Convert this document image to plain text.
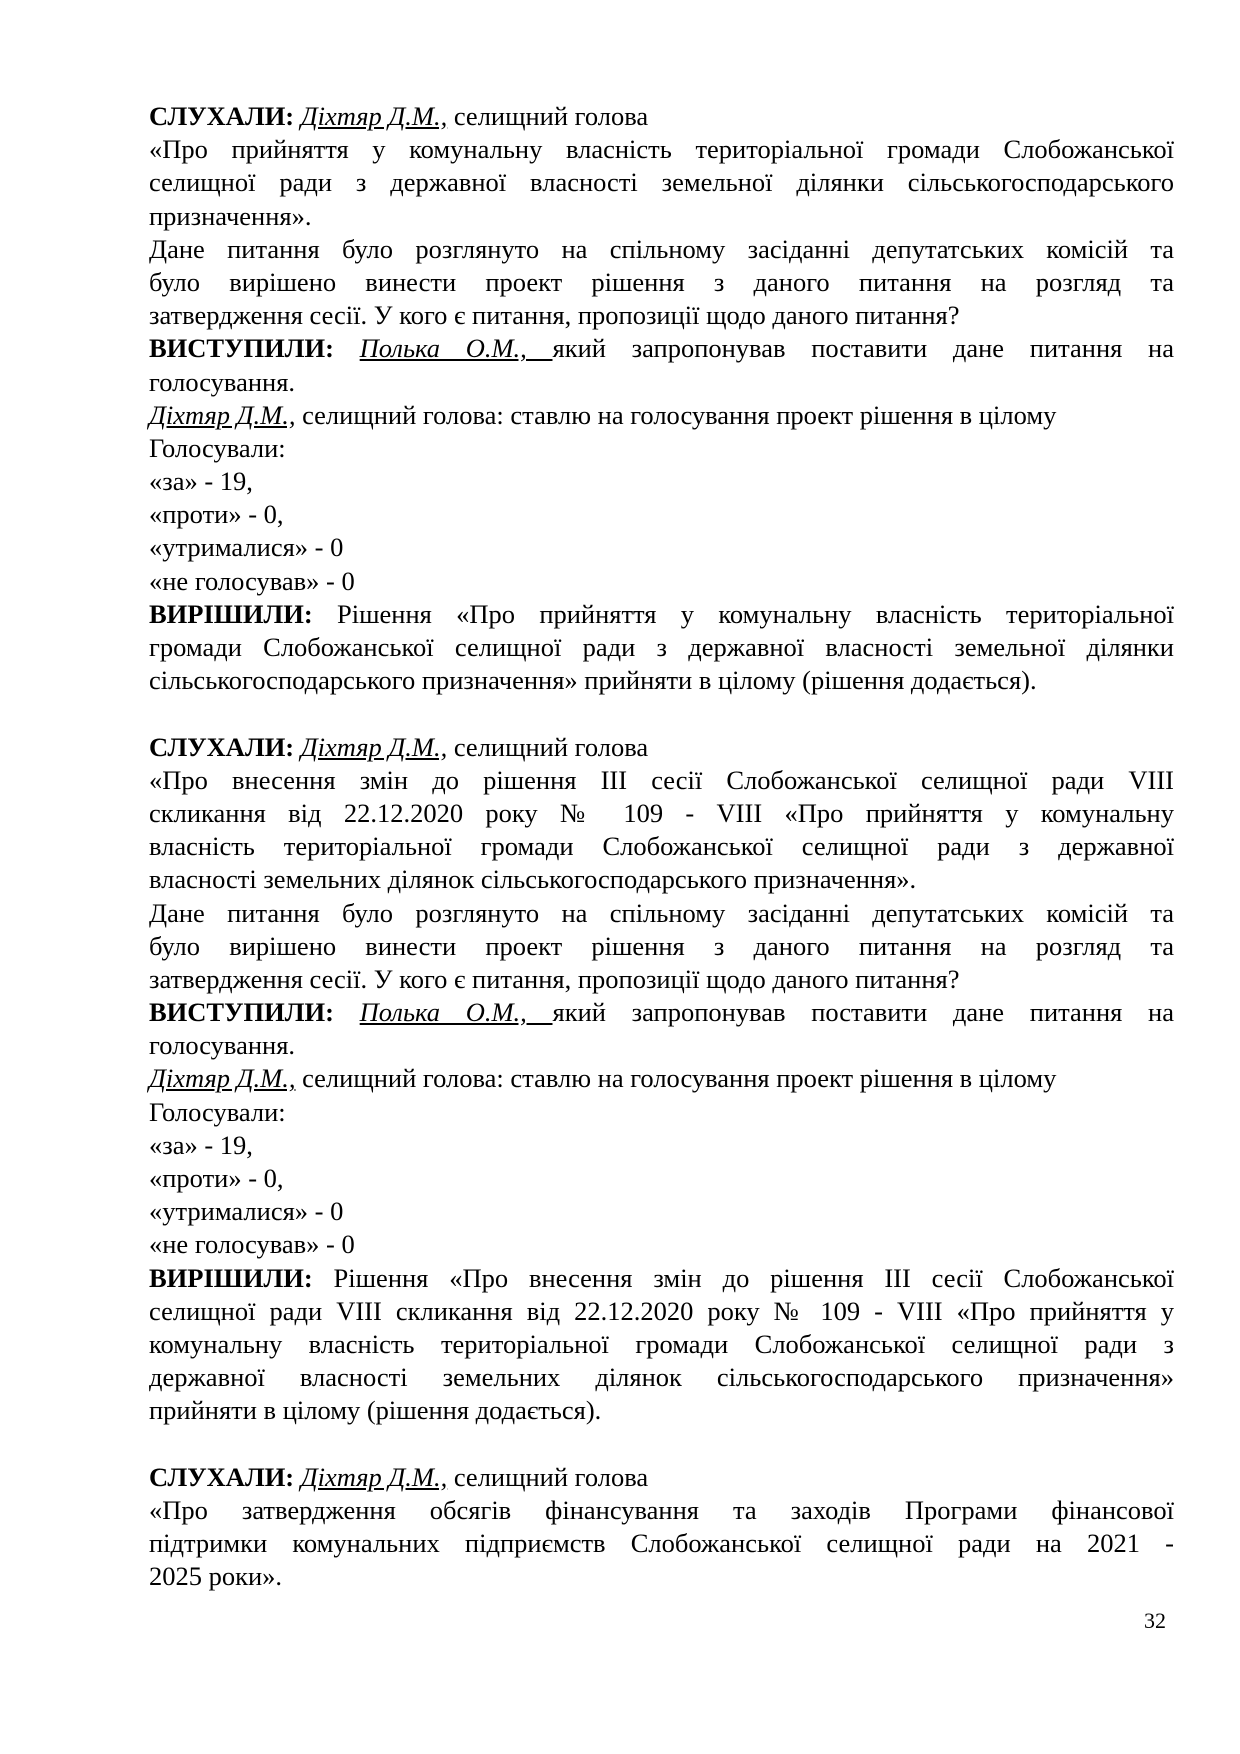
СЛУХАЛИ: Діхтяр Д.М., селищний голова
«Про прийняття у комунальну власність територіальної громади Слобожанської
селищної ради з державної власності земельної ділянки сільськогосподарського
призначення».
Дане питання було розглянуто на спільному засіданні депутатських комісій та
було вирішено винести проект рішення з даного питання на розгляд та
затвердження сесії. У кого є питання, пропозиції щодо даного питання?
ВИСТУПИЛИ: Полька О.М., який запропонував поставити дане питання на
голосування.
Діхтяр Д.М., селищний голова: ставлю на голосування проект рішення в цілому
Голосували:
«за» - 19,
«проти» - 0,
«утрималися» - 0
«не голосував» - 0
ВИРІШИЛИ: Рішення «Про прийняття у комунальну власність територіальної
громади Слобожанської селищної ради з державної власності земельної ділянки
сільськогосподарського призначення» прийняти в цілому (рішення додається).
СЛУХАЛИ: Діхтяр Д.М., селищний голова
«Про внесення змін до рішення ІІІ сесії Слобожанської селищної ради VIII
скликання від 22.12.2020 року № 109 - VIII «Про прийняття у комунальну
власність територіальної громади Слобожанської селищної ради з державної
власності земельних ділянок сільськогосподарського призначення».
Дане питання було розглянуто на спільному засіданні депутатських комісій та
було вирішено винести проект рішення з даного питання на розгляд та
затвердження сесії. У кого є питання, пропозиції щодо даного питання?
ВИСТУПИЛИ: Полька О.М., який запропонував поставити дане питання на
голосування.
Діхтяр Д.М., селищний голова: ставлю на голосування проект рішення в цілому
Голосували:
«за» - 19,
«проти» - 0,
«утрималися» - 0
«не голосував» - 0
ВИРІШИЛИ: Рішення «Про внесення змін до рішення ІІІ сесії Слобожанської
селищної ради VIII скликання від 22.12.2020 року № 109 - VIII «Про прийняття у
комунальну власність територіальної громади Слобожанської селищної ради з
державної власності земельних ділянок сільськогосподарського призначення»
прийняти в цілому (рішення додається).
СЛУХАЛИ: Діхтяр Д.М., селищний голова
«Про затвердження обсягів фінансування та заходів Програми фінансової
підтримки комунальних підприємств Слобожанської селищної ради на 2021 -
2025 роки».
32
